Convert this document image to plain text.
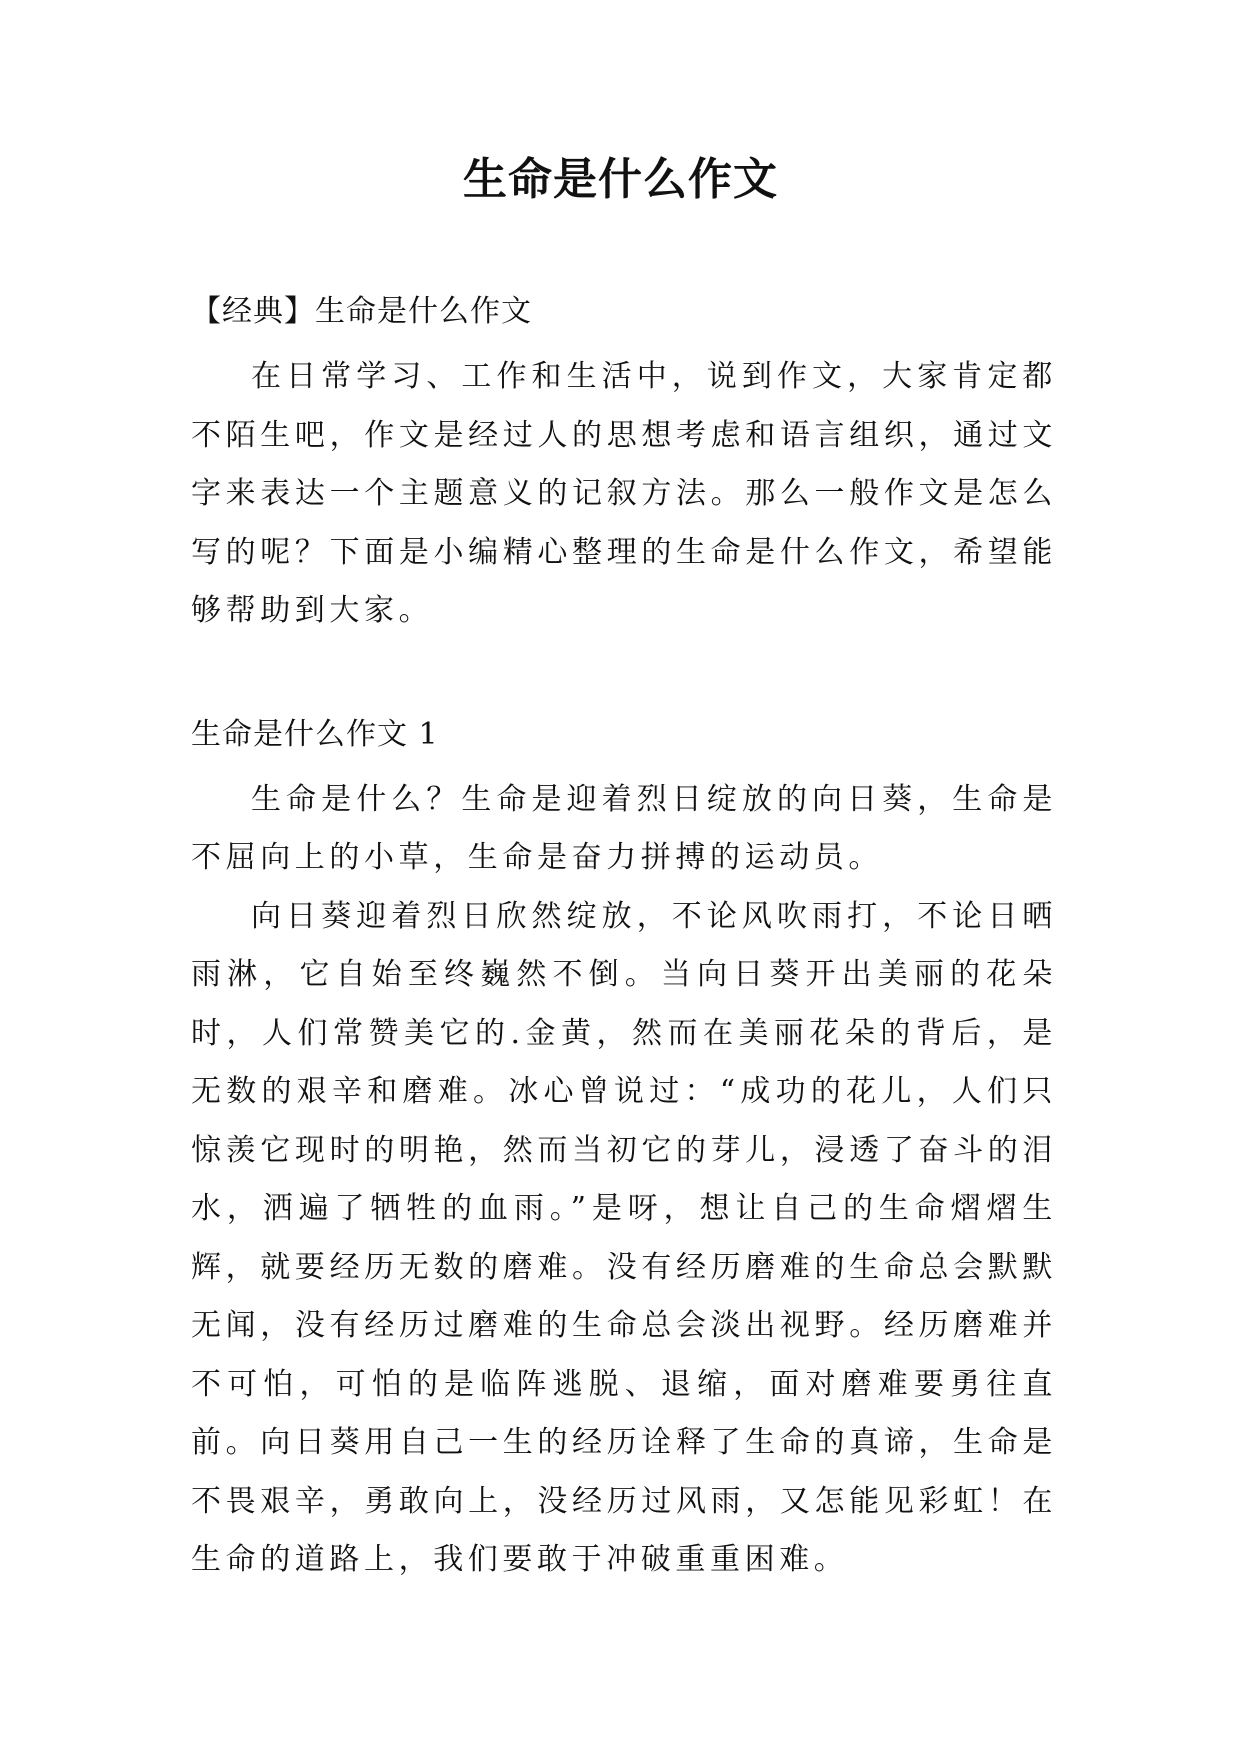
生命是什么作文

【经典】生命是什么作文

在日常学习、工作和生活中，说到作文，大家肯定都不陌生吧，作文是经过人的思想考虑和语言组织，通过文字来表达一个主题意义的记叙方法。那么一般作文是怎么写的呢？下面是小编精心整理的生命是什么作文，希望能够帮助到大家。

生命是什么作文 1

生命是什么？生命是迎着烈日绽放的向日葵，生命是不屈向上的小草，生命是奋力拼搏的运动员。

向日葵迎着烈日欣然绽放，不论风吹雨打，不论日晒雨淋，它自始至终巍然不倒。当向日葵开出美丽的花朵时，人们常赞美它的.金黄，然而在美丽花朵的背后，是无数的艰辛和磨难。冰心曾说过：“成功的花儿，人们只惊羡它现时的明艳，然而当初它的芽儿，浸透了奋斗的泪水，洒遍了牺牲的血雨。”是呀，想让自己的生命熠熠生辉，就要经历无数的磨难。没有经历磨难的生命总会默默无闻，没有经历过磨难的生命总会淡出视野。经历磨难并不可怕，可怕的是临阵逃脱、退缩，面对磨难要勇往直前。向日葵用自己一生的经历诠释了生命的真谛，生命是不畏艰辛，勇敢向上，没经历过风雨，又怎能见彩虹！在生命的道路上，我们要敢于冲破重重困难。
